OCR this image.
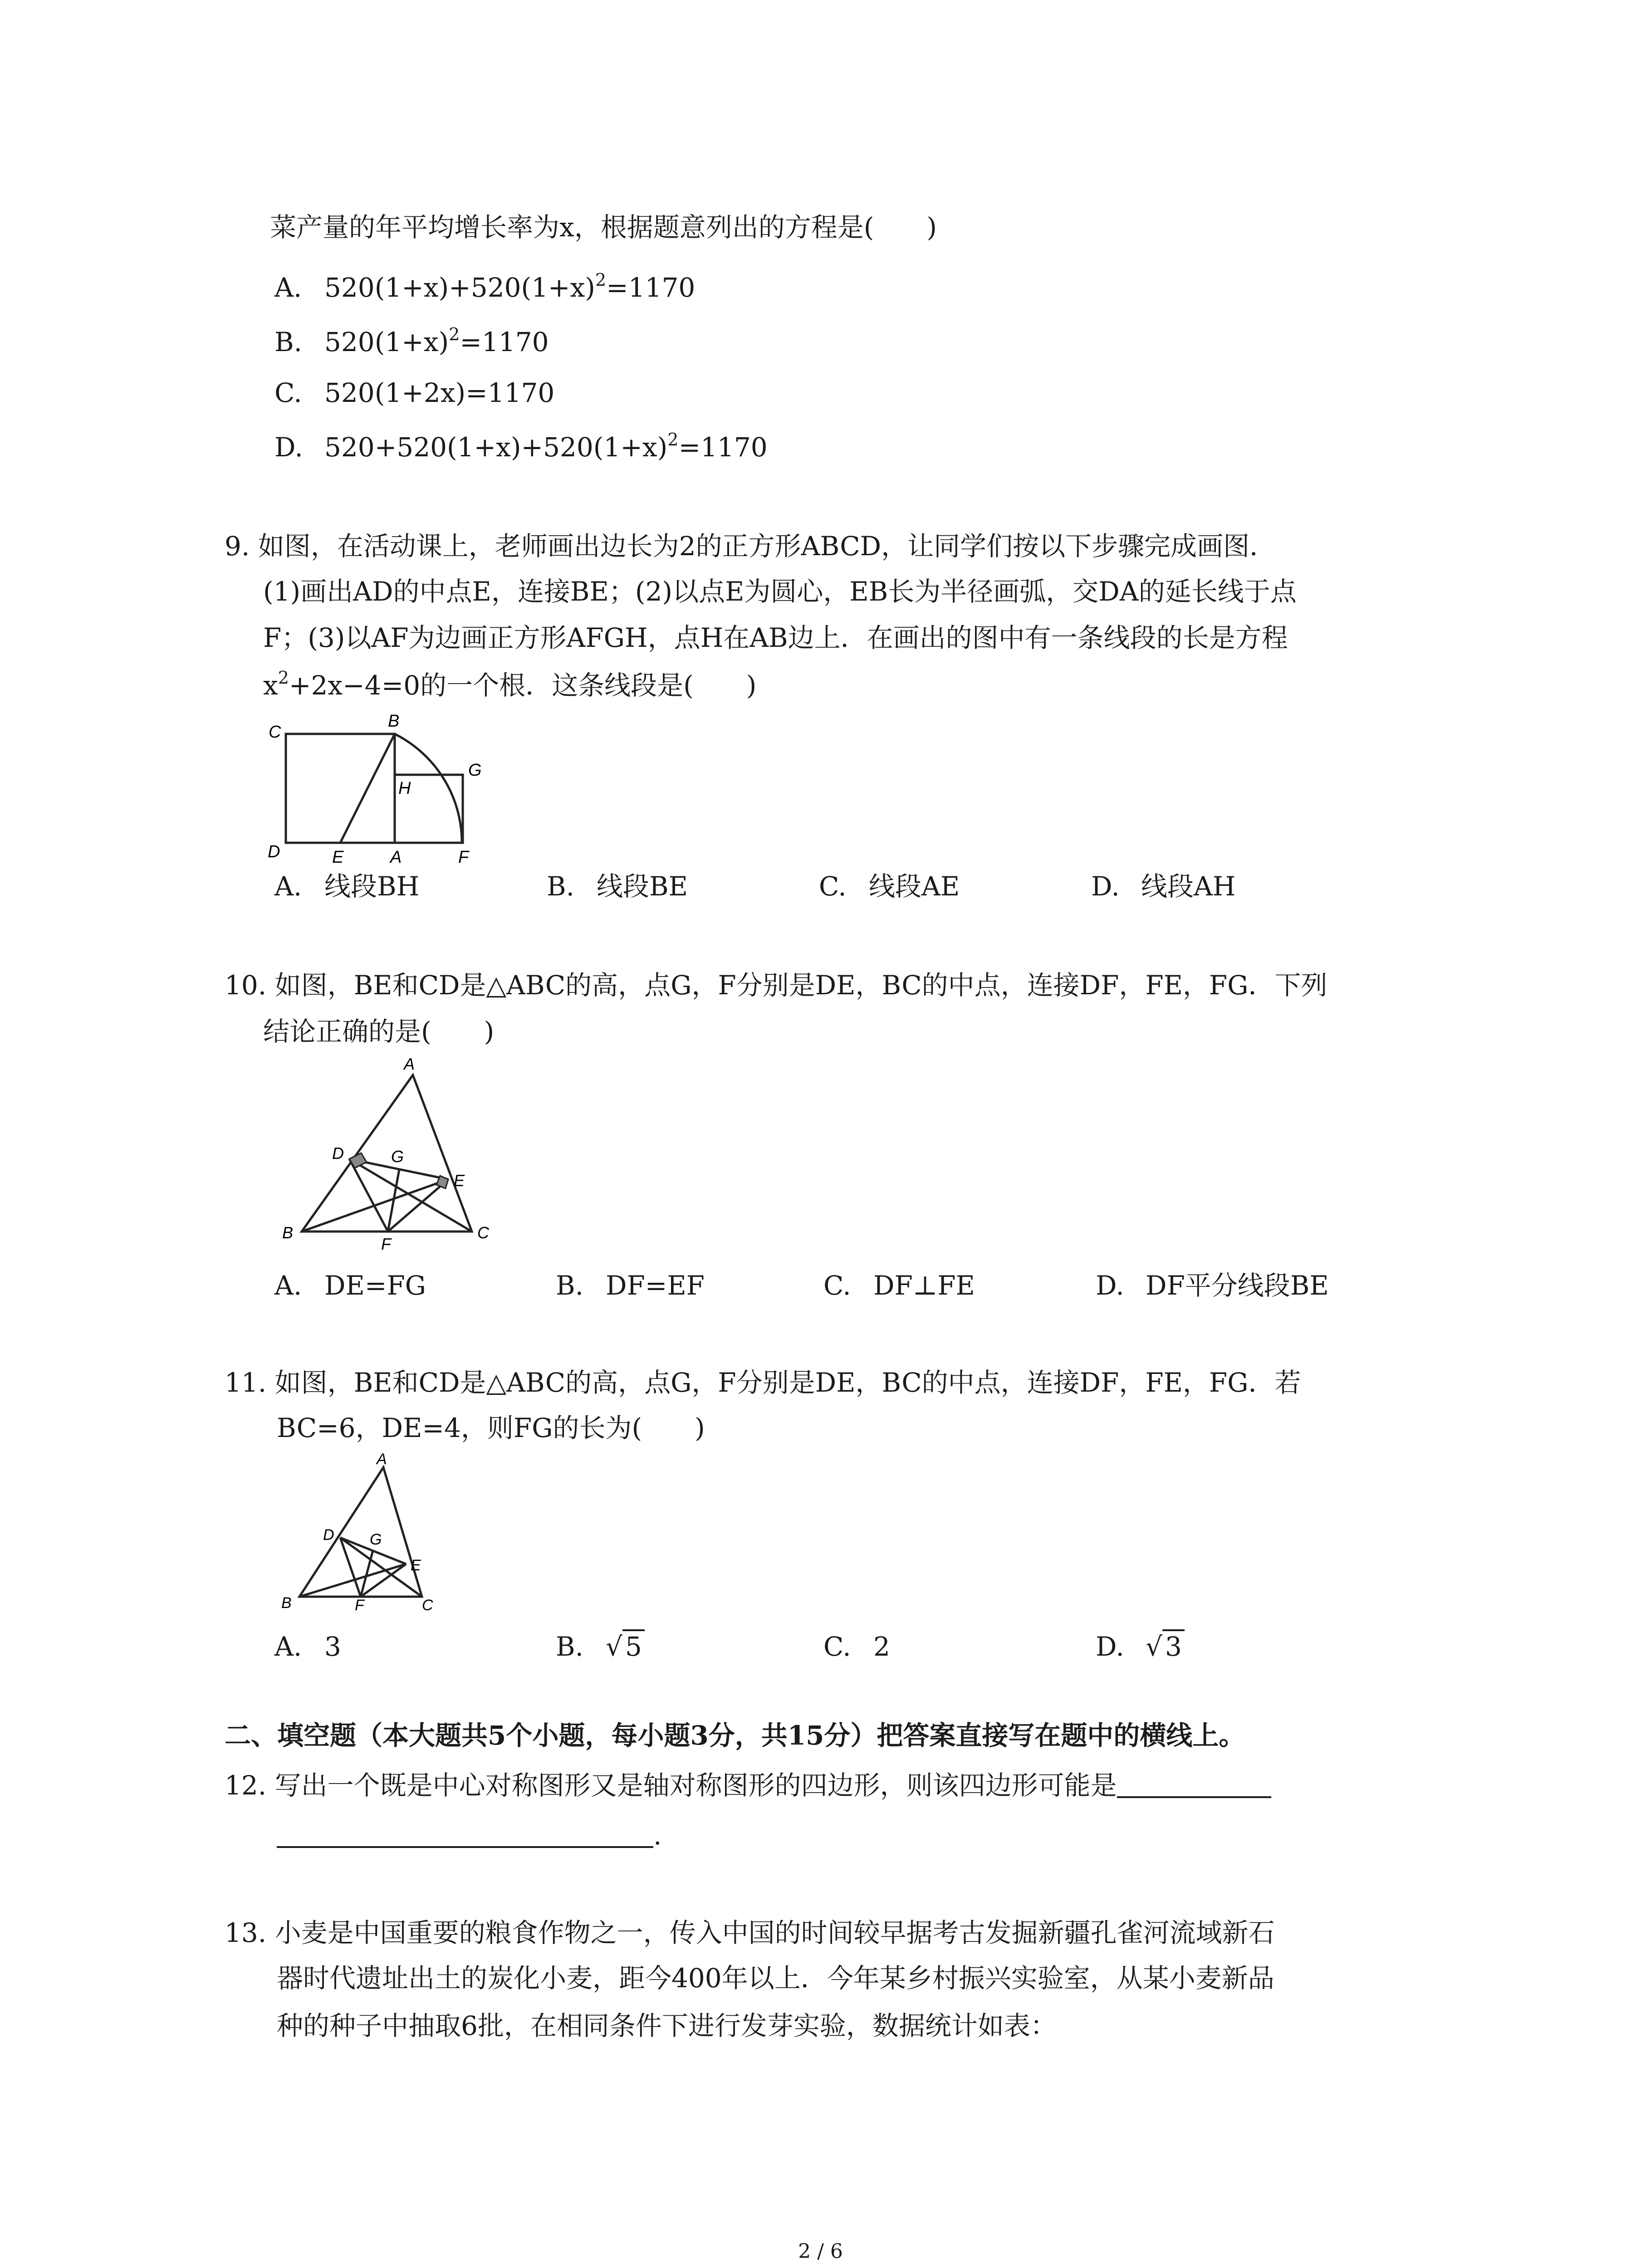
菜产量的年平均增长率为x，根据题意列出的方程是(　　)
A. $520(1+x)+520(1+x)^2=1170$
B. $520(1+x)^2=1170$
C. 520(1+2x)=1170
D. $520+520(1+x)+520(1+x)^2=1170$
9. 如图，在活动课上，老师画出边长为2的正方形ABCD，让同学们按以下步骤完成画图．
(1)画出AD的中点E，连接BE；(2)以点E为圆心，EB长为半径画弧，交DA的延长线于点
F；(3)以AF为边画正方形AFGH，点H在AB边上．在画出的图中有一条线段的长是方程
$x^2+2x-4=0$的一个根．这条线段是(　　)
C
B
G
H
D	E	A	F
A. 线段BH	B. 线段BE	C. 线段AE	D. 线段AH
10. 如图，BE和CD是△ABC的高，点G，F分别是DE，BC的中点，连接DF，FE，FG．下列
结论正确的是(　　)
A
D	G
E
B
F
C
A. DE=FG	B. DF=EF	C. DF⊥FE	D. DF平分线段BE
11. 如图，BE和CD是△ABC的高，点G，F分别是DE，BC的中点，连接DF，FE，FG．若
BC=6，DE=4，则FG的长为(　　)
A
D G
E
B	F	C
A. 3	B. √ 5	C. 2	D. √ 3
二、填空题（本大题共5个小题，每小题3分，共15分）把答案直接写在题中的横线上。
12. 写出一个既是中心对称图形又是轴对称图形的四边形，则该四边形可能是
.
13. 小麦是中国重要的粮食作物之一，传入中国的时间较早据考古发掘新疆孔雀河流域新石
器时代遗址出土的炭化小麦，距今400年以上．今年某乡村振兴实验室，从某小麦新品
种的种子中抽取6批，在相同条件下进行发芽实验，数据统计如表：
2 / 6
